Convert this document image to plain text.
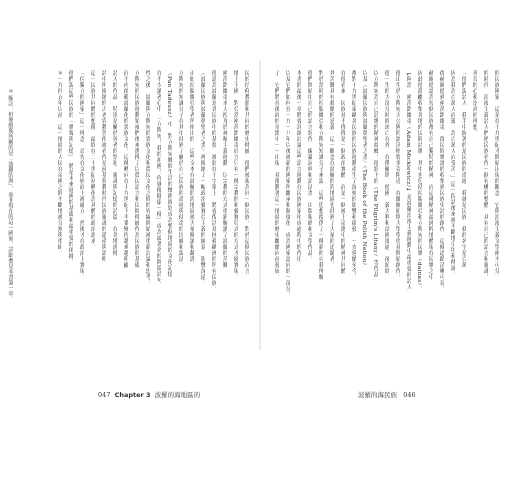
民的信仰教派和共同的歷史傳統，他們被視為同一個民族。對於這個民族而言，
地上王國，對亞當密茨凱維奇而言只有一種宗教的和彌賽亞式的方式才能實現。
密茨凱維奇本人投身於神秘主義運動，以宗教的方式重新解讀了波蘭的苦難，
他認為波蘭是各民族中的基督，被釘在十字架上，將會復活並拯救歐洲的所有民族。
〈波蘭民族與波蘭朝聖者之書〉裡描繪了一幅政治彌賽亞主義的圖景，影響深遠。
正如拉脫維亞學者所指出的，這些文本在波羅的海地區被大量閱讀和翻譯，
立陶宛的知識分子在其中找到了屬於自己民族的命運與使命的比喻和說法。
（Pan Tadeusz）中，對立陶宛鄉間生活的懷舊描寫成為整個地區的文化記憶，
在不少讀者心中，「立陶宛！我的祖國！你就像健康一樣」成為最著名的開篇詩句，
性之後，波蘭與立陶宛的貴族文化和農民文化之間的界線開始被重新討論和思考。
立陶宛的民族運動領袖們後來選擇了以農民語言和民間傳統作為民族的基礎，
而不再依賴波蘭化的貴族文化。這種轉向在十九世紀下半葉變得越來越明顯，
詩人的作品，特別是關於死者的祭祀、靈魂與記憶的詩篇，在各地流傳，
詩中所描繪的古老異教習俗被看作是前基督教時代民族靈魂的遺產與證明，
這一民族共同體的想像，最終在二十世紀初轉化為具體的政治訴求。
「位獨立的國家」這一理念，首先在文化層面上被確立，然後才在政治上實現。
他們說這些民族的「歌聲與記憶」，將是未來建國的基礎和最重要的依據。
＊一九四五年以前，這一地區的人民在帝國之間不斷地被分割與重組。
＊ 編註：但麥維斯所稱的是「波羅的海」，而非現在的這一國家，詳細參見本書第一章。	的民族國家，這是在十九世紀才開始出現的觀念，它與浪漫主義文學密不可分，
的時代，浪漫主義詩人們把民族看作一個有機的整體，具有自己的語言和靈魂。
善良的心和崇高的理想。
「他們說詩人，我手中握著的是民族的命運，我就是民族，我的名字是百萬，
因為我為百萬人而愛，為百萬人而受苦。」這一段話後來被不斷地引用和傳誦。
從赫爾德到密茨凱維奇，從民間歌謠的收集到民族史詩的創作，這條道路清晰可見。
赫爾德認為每個民族都有自己獨特的精神，而這種精神最純粹地體現在民歌之中，
因此他鼓勵收集各地的民間詩歌，其中也包括拉脫維亞和立陶宛的民歌（dainas）。
【阿當．密茨凱維奇（Adam Mickiewicz）】是波蘭浪漫主義運動中最重要的詩人，
他出生於立陶宛大公國的諾沃格魯多克附近，在維爾紐斯大學學習並開始創作。
他一生的大部分時間流亡在外，在俄羅斯、德國、義大利和法國度過，卻始終
以立陶宛為自己詩歌的精神故鄉。他寫下的（The Pilgrim's Litany）等作品，
以及〈波蘭民族與波蘭朝聖者之書〉（The Book of the Polish Nation），
都對十九世紀東歐各民族的民族運動產生了深刻的影響和啟發，一直延續至今。
在他看來，民族並不僅僅是一個政治實體，而是一個被上帝選中的精神共同體，
其苦難具有救贖的意義，這一觀念在波羅的海地區也找到了大量的追隨者。
對於當時的拉脫維亞和立陶宛知識分子來說，這些思想提供了一種新的自我理解，
他們開始用自己的語言寫作，編纂詞典和語法書，出版報紙和文學作品。
本書的最後一章將會詳細討論這些語言運動在民族國家形成過程中的作用，
以及它們如何在一九一八年以後被新的國家所繼承和制度化，成為國家認同的一部分。
了，它們將在後面的章節中一一出現，並推動著這一地區的歷史繼續向前發展。
047 Chapter 3 波羅的海地區的	波羅的海民族 046
